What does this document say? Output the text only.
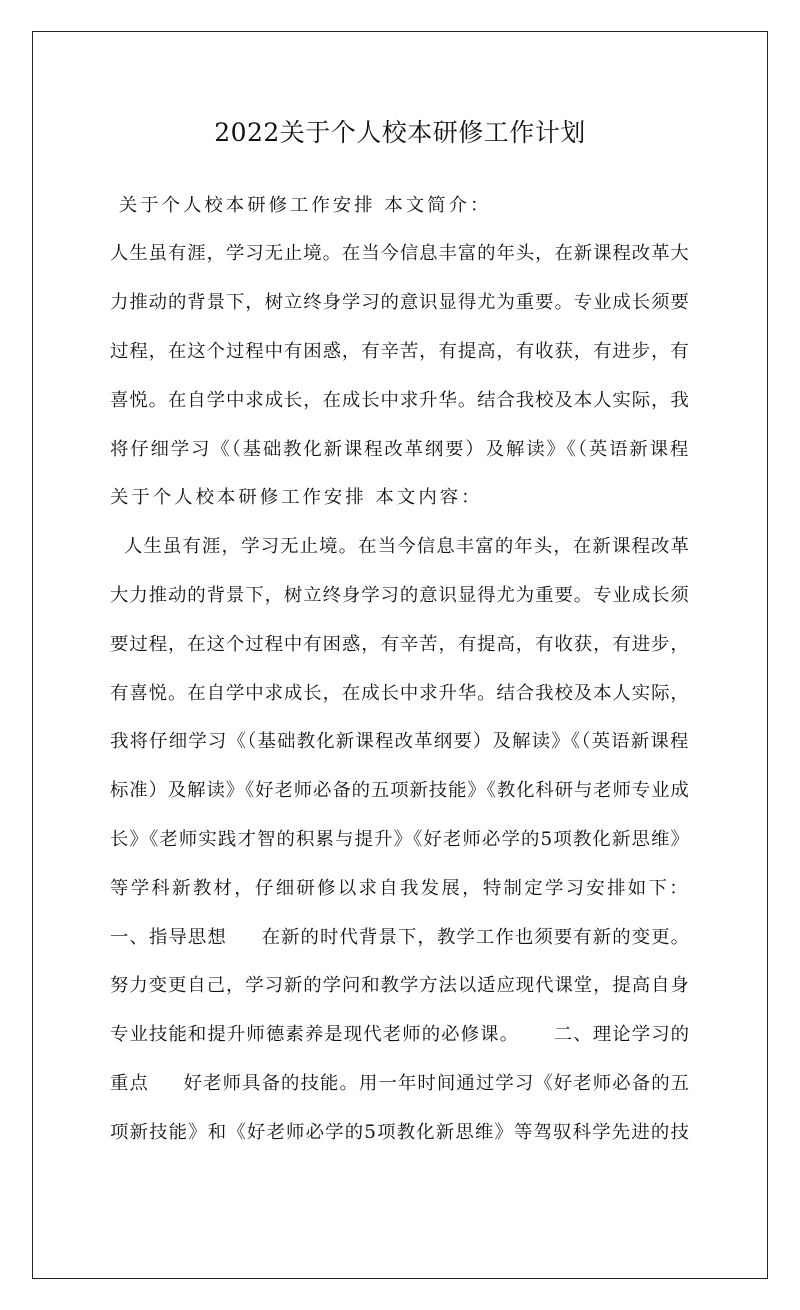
2022关于个人校本研修工作计划
关于个人校本研修工作安排 本文简介：
人生虽有涯，学习无止境。在当今信息丰富的年头，在新课程改革大
力推动的背景下，树立终身学习的意识显得尤为重要。专业成长须要
过程，在这个过程中有困惑，有辛苦，有提高，有收获，有进步，有
喜悦。在自学中求成长，在成长中求升华。结合我校及本人实际，我
将仔细学习《（基础教化新课程改革纲要）及解读》《（英语新课程
关于个人校本研修工作安排 本文内容：
人生虽有涯，学习无止境。在当今信息丰富的年头，在新课程改革
大力推动的背景下，树立终身学习的意识显得尤为重要。专业成长须
要过程，在这个过程中有困惑，有辛苦，有提高，有收获，有进步，
有喜悦。在自学中求成长，在成长中求升华。结合我校及本人实际，
我将仔细学习《（基础教化新课程改革纲要）及解读》《（英语新课程
标准）及解读》《好老师必备的五项新技能》《教化科研与老师专业成
长》《老师实践才智的积累与提升》《好老师必学的5项教化新思维》
等学科新教材，仔细研修以求自我发展，特制定学习安排如下：
一、指导思想     在新的时代背景下，教学工作也须要有新的变更。
努力变更自己，学习新的学问和教学方法以适应现代课堂，提高自身
专业技能和提升师德素养是现代老师的必修课。     二、理论学习的
重点     好老师具备的技能。用一年时间通过学习《好老师必备的五
项新技能》和《好老师必学的5项教化新思维》等驾驭科学先进的技
